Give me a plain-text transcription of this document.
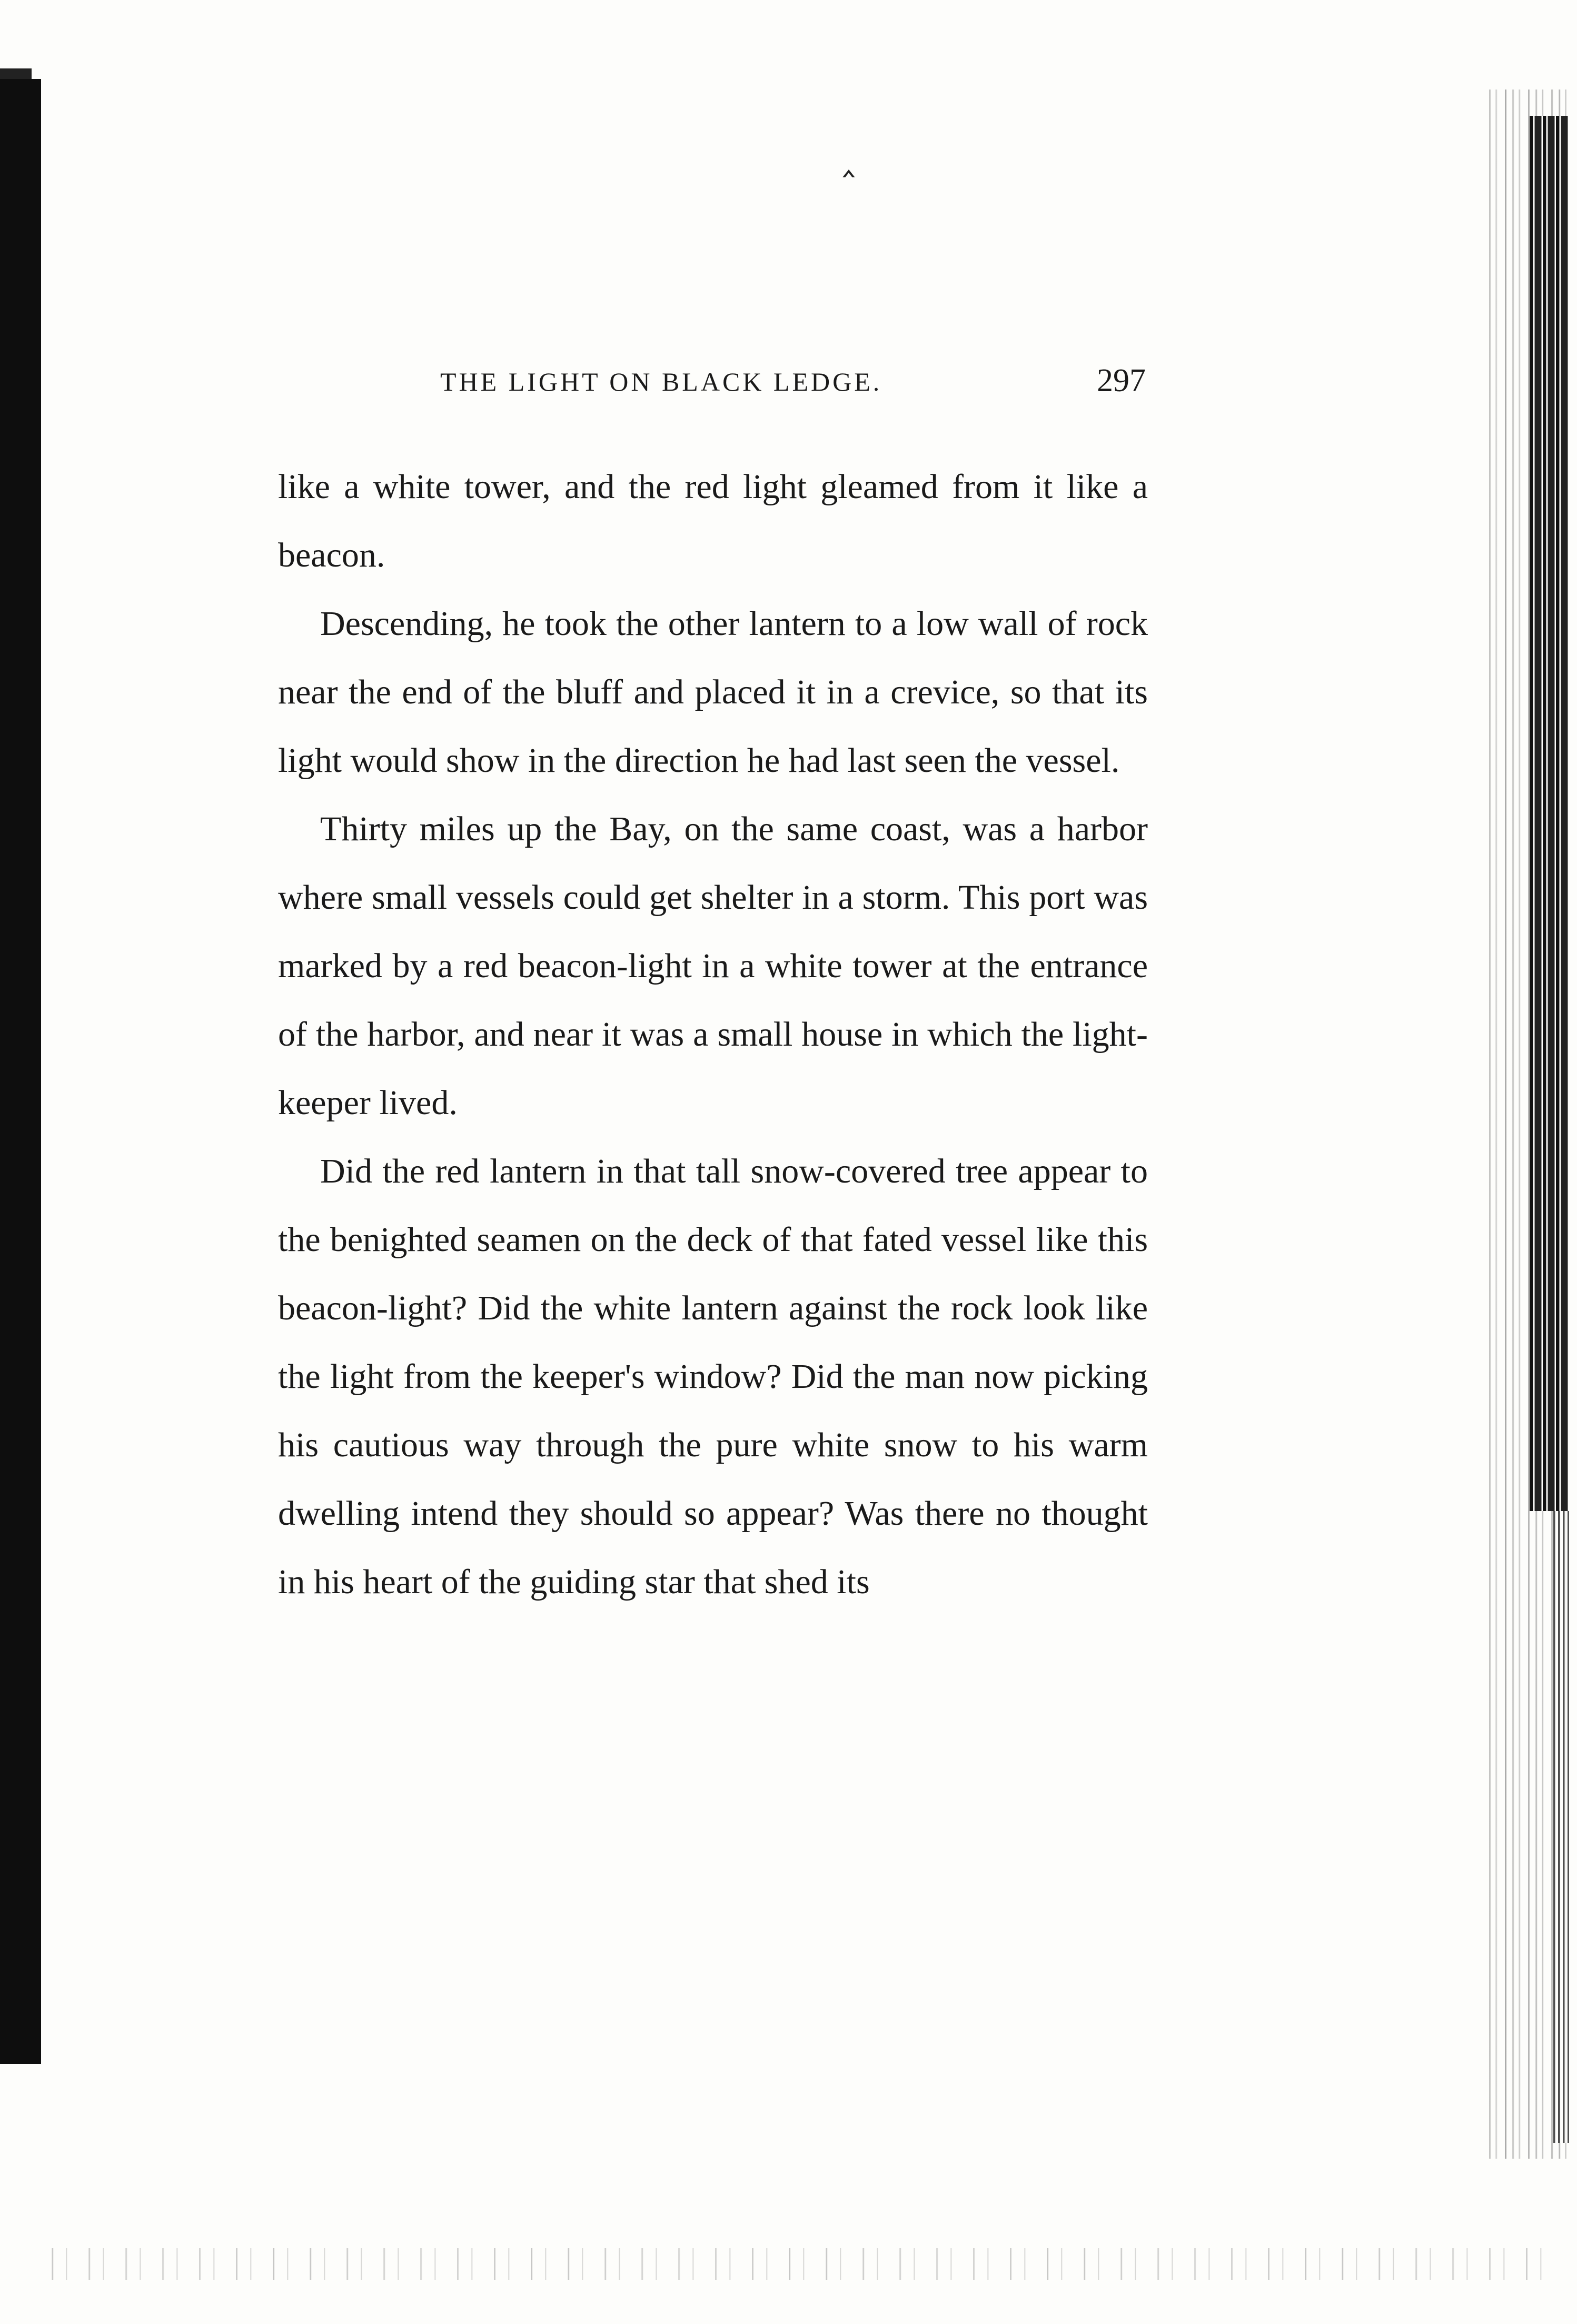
‸
THE LIGHT ON BLACK LEDGE.	297

like a white tower, and the red light gleamed from it like a beacon.

Descending, he took the other lantern to a low wall of rock near the end of the bluff and placed it in a crevice, so that its light would show in the direction he had last seen the vessel.

Thirty miles up the Bay, on the same coast, was a harbor where small vessels could get shelter in a storm. This port was marked by a red beacon-light in a white tower at the entrance of the harbor, and near it was a small house in which the light-keeper lived.

Did the red lantern in that tall snow-covered tree appear to the benighted seamen on the deck of that fated vessel like this beacon-light? Did the white lantern against the rock look like the light from the keeper's window? Did the man now picking his cautious way through the pure white snow to his warm dwelling intend they should so appear? Was there no thought in his heart of the guiding star that shed its
